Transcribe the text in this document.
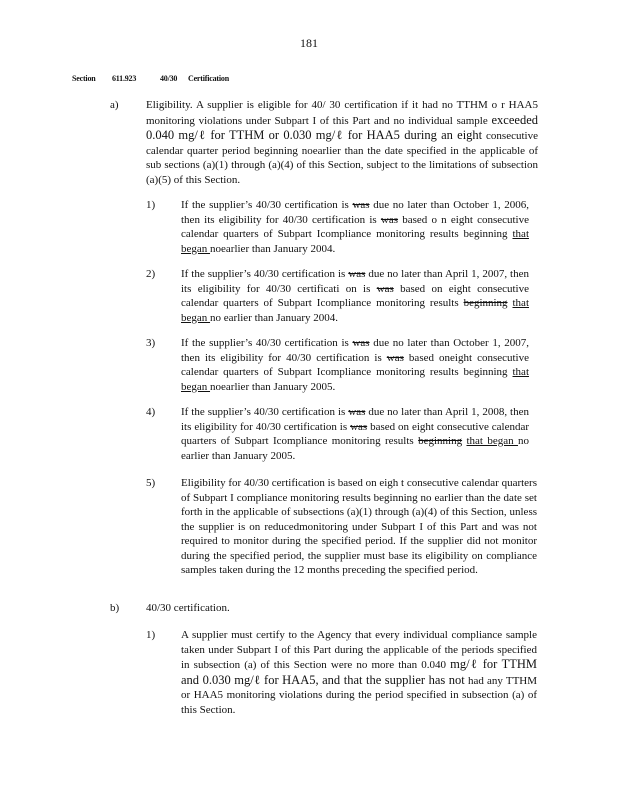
181
Section 611.923	40/30 Certification
a) Eligibility. A supplier is eligible for 40/ 30 certification if it had no TTHM o r HAA5 monitoring violations under Subpart I of this Part and no individual sample exceeded 0.040 mg/ℓ for TTHM or 0.030 mg/ℓ for HAA5 during an eight consecutive calendar quarter period beginning noearlier than the date specified in the applicable of sub sections (a)(1) through (a)(4) of this Section, subject to the limitations of subsection (a)(5) of this Section.
1) If the supplier’s 40/30 certification is was due no later than October 1, 2006, then its eligibility for 40/30 certification is was based o n eight consecutive calendar quarters of Subpart Icompliance monitoring results beginning that began noearlier than January 2004.
2) If the supplier’s 40/30 certification is was due no later than April 1, 2007, then its eligibility for 40/30 certificati on is was based on eight consecutive calendar quarters of Subpart Icompliance monitoring results beginning that began no earlier than January 2004.
3) If the supplier’s 40/30 certification is was due no later than October 1, 2007, then its eligibility for 40/30 certification is was based oneight consecutive calendar quarters of Subpart Icompliance monitoring results beginning that began noearlier than January 2005.
4) If the supplier’s 40/30 certification is was due no later than April 1, 2008, then its eligibility for 40/30 certification is was based on eight consecutive calendar quarters of Subpart Icompliance monitoring results beginning that began no earlier than January 2005.
5) Eligibility for 40/30 certification is based on eigh t consecutive calendar quarters of Subpart I compliance monitoring results beginning no earlier than the date set forth in the applicable of subsections (a)(1) through (a)(4) of this Section, unless the supplier is on reducedmonitoring under Subpart I of this Part and was not required to monitor during the specified period. If the supplier did not monitor during the specified period, the supplier must base its eligibility on compliance samples taken during the 12 months preceding the specified period.
b) 40/30 certification.
1) A supplier must certify to the Agency that every individual compliance sample taken under Subpart I of this Part during the applicable of the periods specified in subsection (a) of this Section were no more than 0.040 mg/ℓ for TTHM and 0.030 mg/ℓ for HAA5, and that the supplier has not had any TTHM or HAA5 monitoring violations during the period specified in subsection (a) of this Section.
